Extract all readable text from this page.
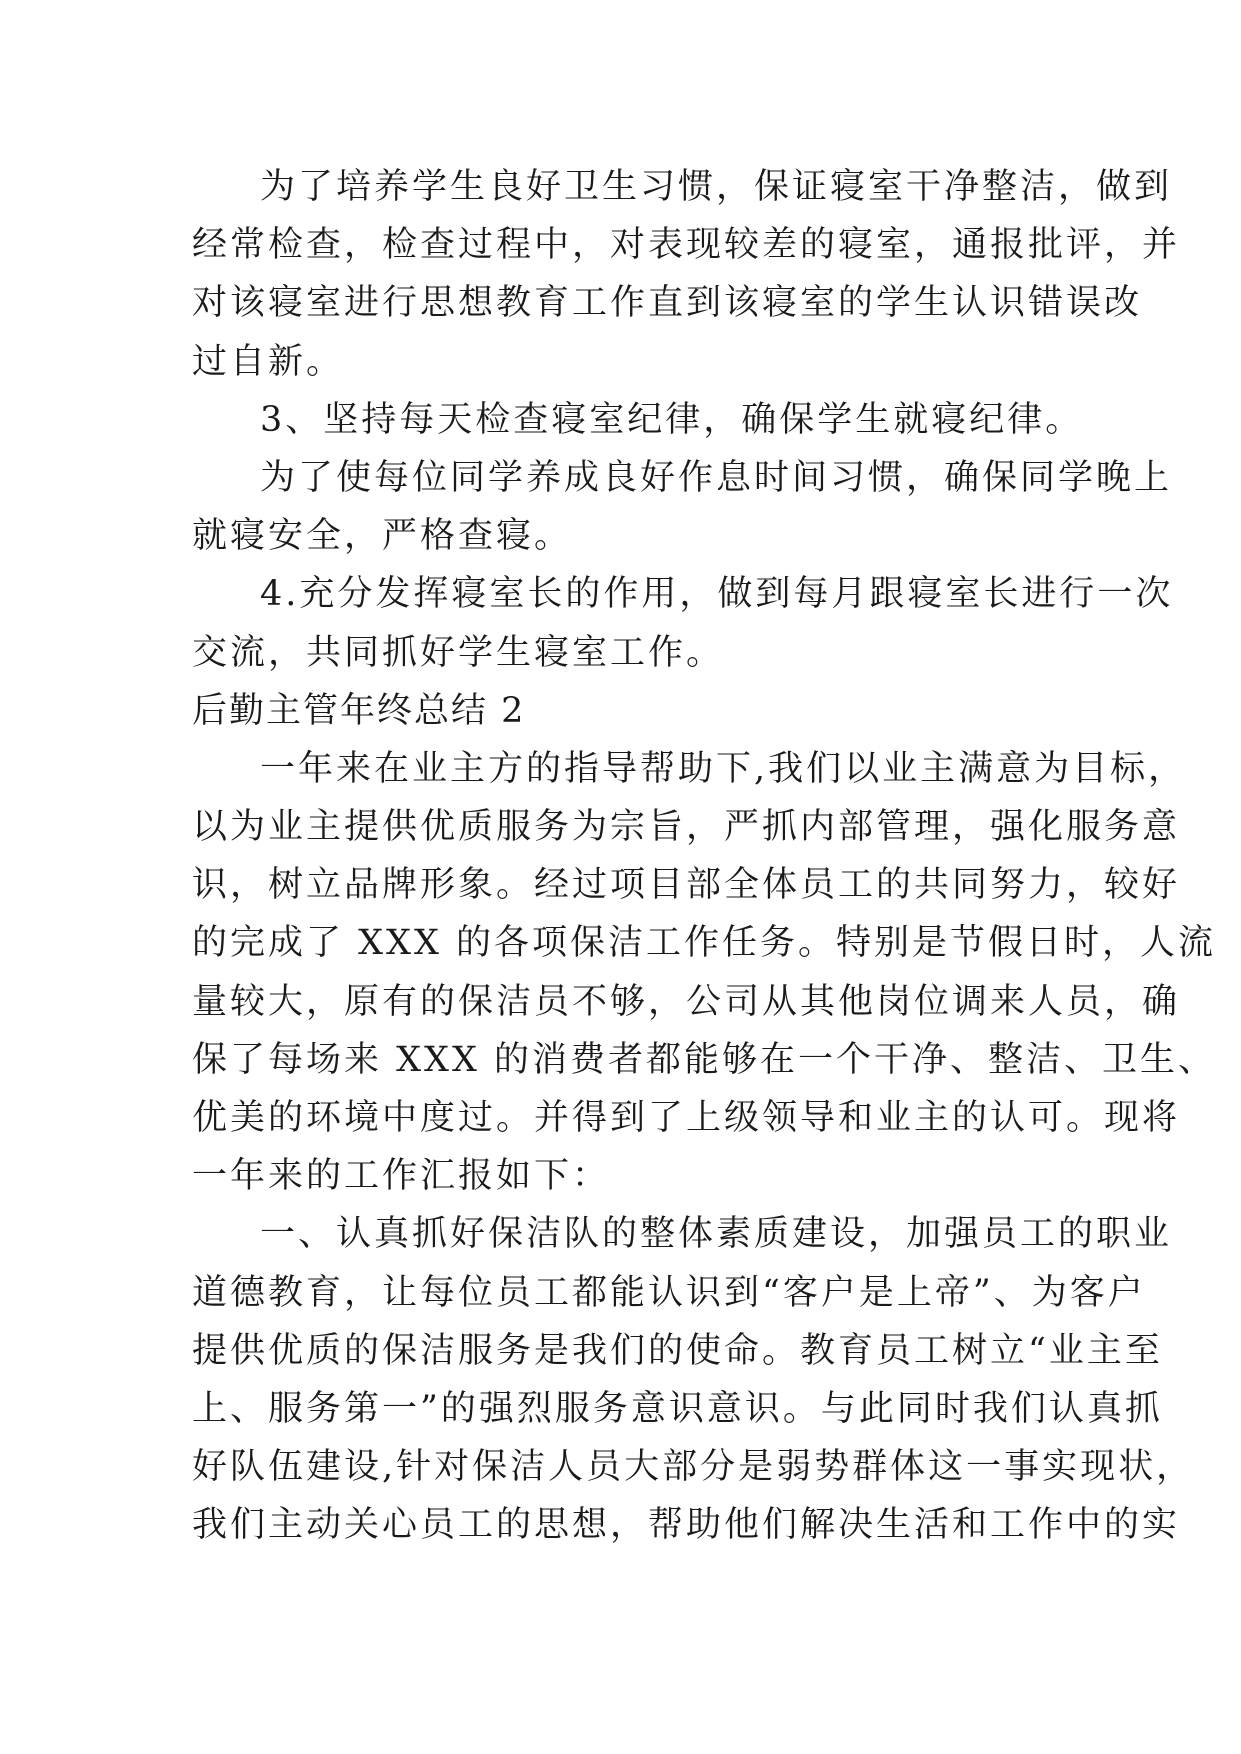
为了培养学生良好卫生习惯，保证寝室干净整洁，做到
经常检查，检查过程中，对表现较差的寝室，通报批评，并
对该寝室进行思想教育工作直到该寝室的学生认识错误改
过自新。
3、坚持每天检查寝室纪律，确保学生就寝纪律。
为了使每位同学养成良好作息时间习惯，确保同学晚上
就寝安全，严格查寝。
4.充分发挥寝室长的作用，做到每月跟寝室长进行一次
交流，共同抓好学生寝室工作。
后勤主管年终总结 2
一年来在业主方的指导帮助下,我们以业主满意为目标，
以为业主提供优质服务为宗旨，严抓内部管理，强化服务意
识，树立品牌形象。经过项目部全体员工的共同努力，较好
的完成了 XXX 的各项保洁工作任务。特别是节假日时，人流
量较大，原有的保洁员不够，公司从其他岗位调来人员，确
保了每场来 XXX 的消费者都能够在一个干净、整洁、卫生、
优美的环境中度过。并得到了上级领导和业主的认可。现将
一年来的工作汇报如下：
一、认真抓好保洁队的整体素质建设，加强员工的职业
道德教育，让每位员工都能认识到“客户是上帝”、为客户
提供优质的保洁服务是我们的使命。教育员工树立“业主至
上、服务第一”的强烈服务意识意识。与此同时我们认真抓
好队伍建设,针对保洁人员大部分是弱势群体这一事实现状，
我们主动关心员工的思想，帮助他们解决生活和工作中的实
